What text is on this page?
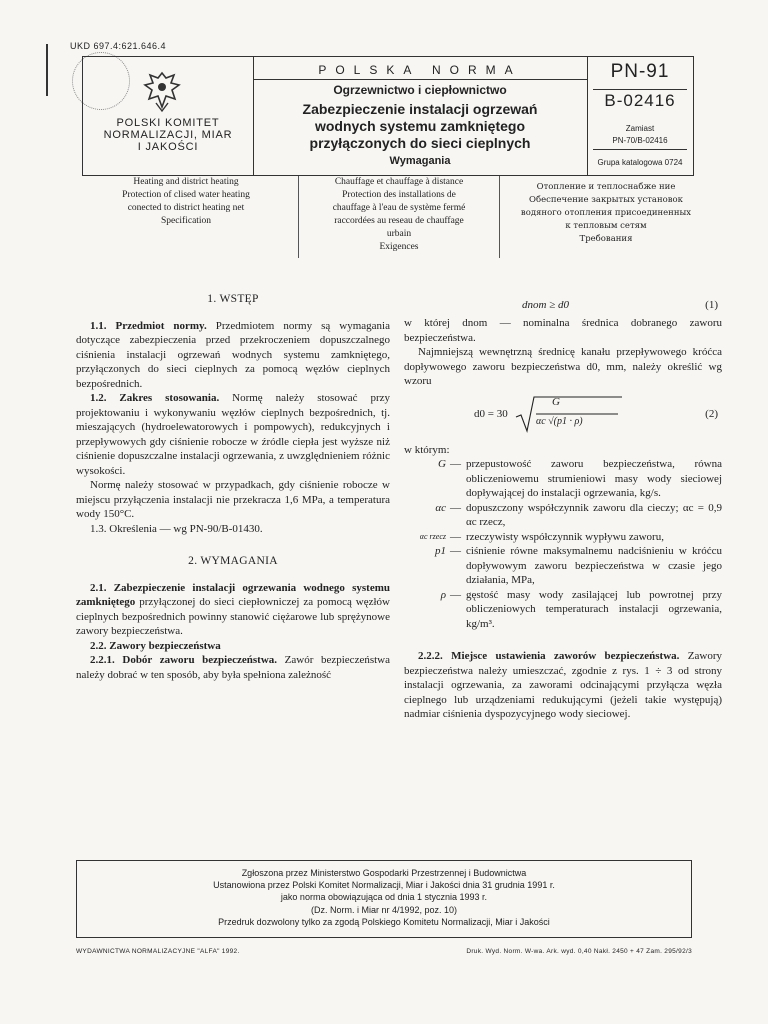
UKD 697.4:621.646.4
POLSKI KOMITET
NORMALIZACJI, MIAR
I JAKOŚCI
POLSKA NORMA
Ogrzewnictwo i ciepłownictwo
Zabezpieczenie instalacji ogrzewań
wodnych systemu zamkniętego
przyłączonych do sieci cieplnych
Wymagania
PN-91
B-02416
Zamiast
PN-70/B-02416
Grupa katalogowa 0724
Heating and district heating
Protection of clised water heating
conected to district heating net
Specification
Chauffage et chauffage à distance
Protection des installations de
chauffage à l'eau de système fermé
raccordées au reseau de chauffage
urbain
Exigences
Отопление и теплоснабже ние
Обеспечение закрытых установок
водяного отопления присоединенных
к тепловым сетям
Требования

1. WSTĘP

1.1. Przedmiot normy. Przedmiotem normy są wymagania dotyczące zabezpieczenia przed przekroczeniem dopuszczalnego ciśnienia instalacji ogrzewań wodnych systemu zamkniętego, przyłączonych do sieci cieplnych za pomocą węzłów cieplnych bezpośrednich.

1.2. Zakres stosowania. Normę należy stosować przy projektowaniu i wykonywaniu węzłów cieplnych bezpośrednich, tj. mieszających (hydroelewatorowych i pompowych), redukcyjnych i przepływowych gdy ciśnienie robocze w źródle ciepła jest wyższe niż ciśnienie dopuszczalne instalacji ogrzewania, z uwzględnieniem różnic wysokości.

Normę należy stosować w przypadkach, gdy ciśnienie robocze w miejscu przyłączenia instalacji nie przekracza 1,6 MPa, a temperatura wody 150°C.

1.3. Określenia — wg PN-90/B-01430.

2. WYMAGANIA

2.1. Zabezpieczenie instalacji ogrzewania wodnego systemu zamkniętego przyłączonej do sieci ciepłowniczej za pomocą węzłów cieplnych bezpośrednich powinny stanowić ciężarowe lub sprężynowe zawory bezpieczeństwa.

2.2. Zawory bezpieczeństwa

2.2.1. Dobór zaworu bezpieczeństwa. Zawór bezpieczeństwa należy dobrać w ten sposób, aby była spełniona zależność

dnom ≥ d0	(1)

w której dnom — nominalna średnica dobranego zaworu bezpieczeństwa.

Najmniejszą wewnętrzną średnicę kanału przepływowego króćca dopływowego zaworu bezpieczeństwa d0, mm, należy określić wg wzoru

d0 = 30
G
αc √(p1 · ρ)
(2)

w którym:

G — przepustowość zaworu bezpieczeństwa, równa obliczeniowemu strumieniowi masy wody sieciowej dopływającej do instalacji ogrzewania, kg/s.
αc — dopuszczony współczynnik zaworu dla cieczy; αc = 0,9 αc rzecz,
αc rzecz — rzeczywisty współczynnik wypływu zaworu,
p1 — ciśnienie równe maksymalnemu nadciśnieniu w króćcu dopływowym zaworu bezpieczeństwa w czasie jego działania, MPa,
ρ — gęstość masy wody zasilającej lub powrotnej przy obliczeniowych temperaturach instalacji ogrzewania, kg/m³.

2.2.2. Miejsce ustawienia zaworów bezpieczeństwa. Zawory bezpieczeństwa należy umieszczać, zgodnie z rys. 1 ÷ 3 od strony instalacji ogrzewania, za zaworami odcinającymi przyłącza węzła cieplnego lub urządzeniami redukującymi (jeżeli takie występują) nadmiar ciśnienia dyspozycyjnego wody sieciowej.

Zgłoszona przez Ministerstwo Gospodarki Przestrzennej i Budownictwa
Ustanowiona przez Polski Komitet Normalizacji, Miar i Jakości dnia 31 grudnia 1991 r.
jako norma obowiązująca od dnia 1 stycznia 1993 r.
(Dz. Norm. i Miar nr 4/1992, poz. 10)
Przedruk dozwolony tylko za zgodą Polskiego Komitetu Normalizacji, Miar i Jakości
WYDAWNICTWA NORMALIZACYJNE "ALFA" 1992.	Druk. Wyd. Norm. W-wa. Ark. wyd. 0,40 Nakł. 2450 + 47 Zam. 295/92/3
